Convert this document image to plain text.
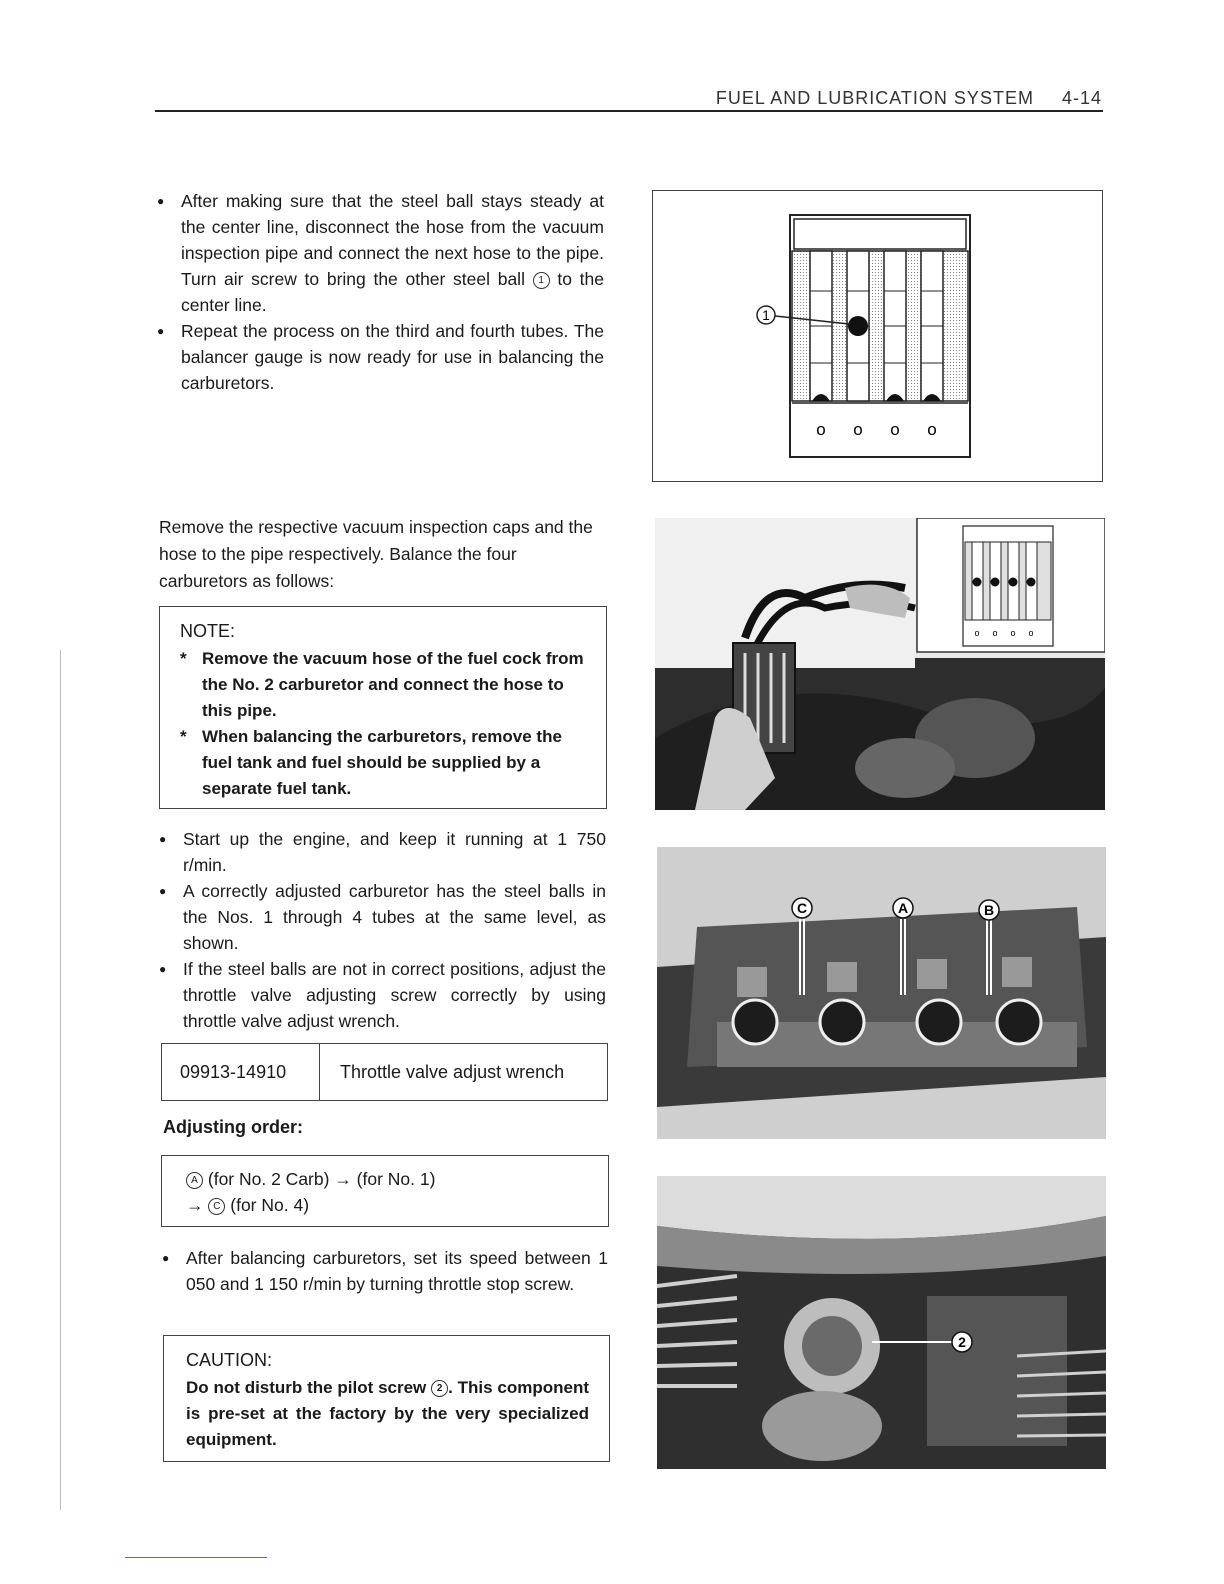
FUEL AND LUBRICATION SYSTEM 4-14

● After making sure that the steel ball stays steady at the center line, disconnect the hose from the vacuum inspection pipe and connect the next hose to the pipe. Turn air screw to bring the other steel ball 1 to the center line.

● Repeat the process on the third and fourth tubes. The balancer gauge is now ready for use in balancing the carburetors.

1
o o o o
Remove the respective vacuum inspection caps and the hose to the pipe respectively. Balance the four carburetors as follows:
NOTE:
* Remove the vacuum hose of the fuel cock from the No. 2 carburetor and connect the hose to this pipe.
* When balancing the carburetors, remove the fuel tank and fuel should be supplied by a separate fuel tank.

● Start up the engine, and keep it running at 1 750 r/min.

● A correctly adjusted carburetor has the steel balls in the Nos. 1 through 4 tubes at the same level, as shown.

● If the steel balls are not in correct positions, adjust the throttle valve adjusting screw correctly by using throttle valve adjust wrench.

09913-14910	Throttle valve adjust wrench
Adjusting order:
A (for No. 2 Carb) → (for No. 1)
→ C (for No. 4)

● After balancing carburetors, set its speed between 1 050 and 1 150 r/min by turning throttle stop screw.

CAUTION:
Do not disturb the pilot screw 2 . This component is pre-set at the factory by the very specialized equipment.
o o o o
C	A	B
2
